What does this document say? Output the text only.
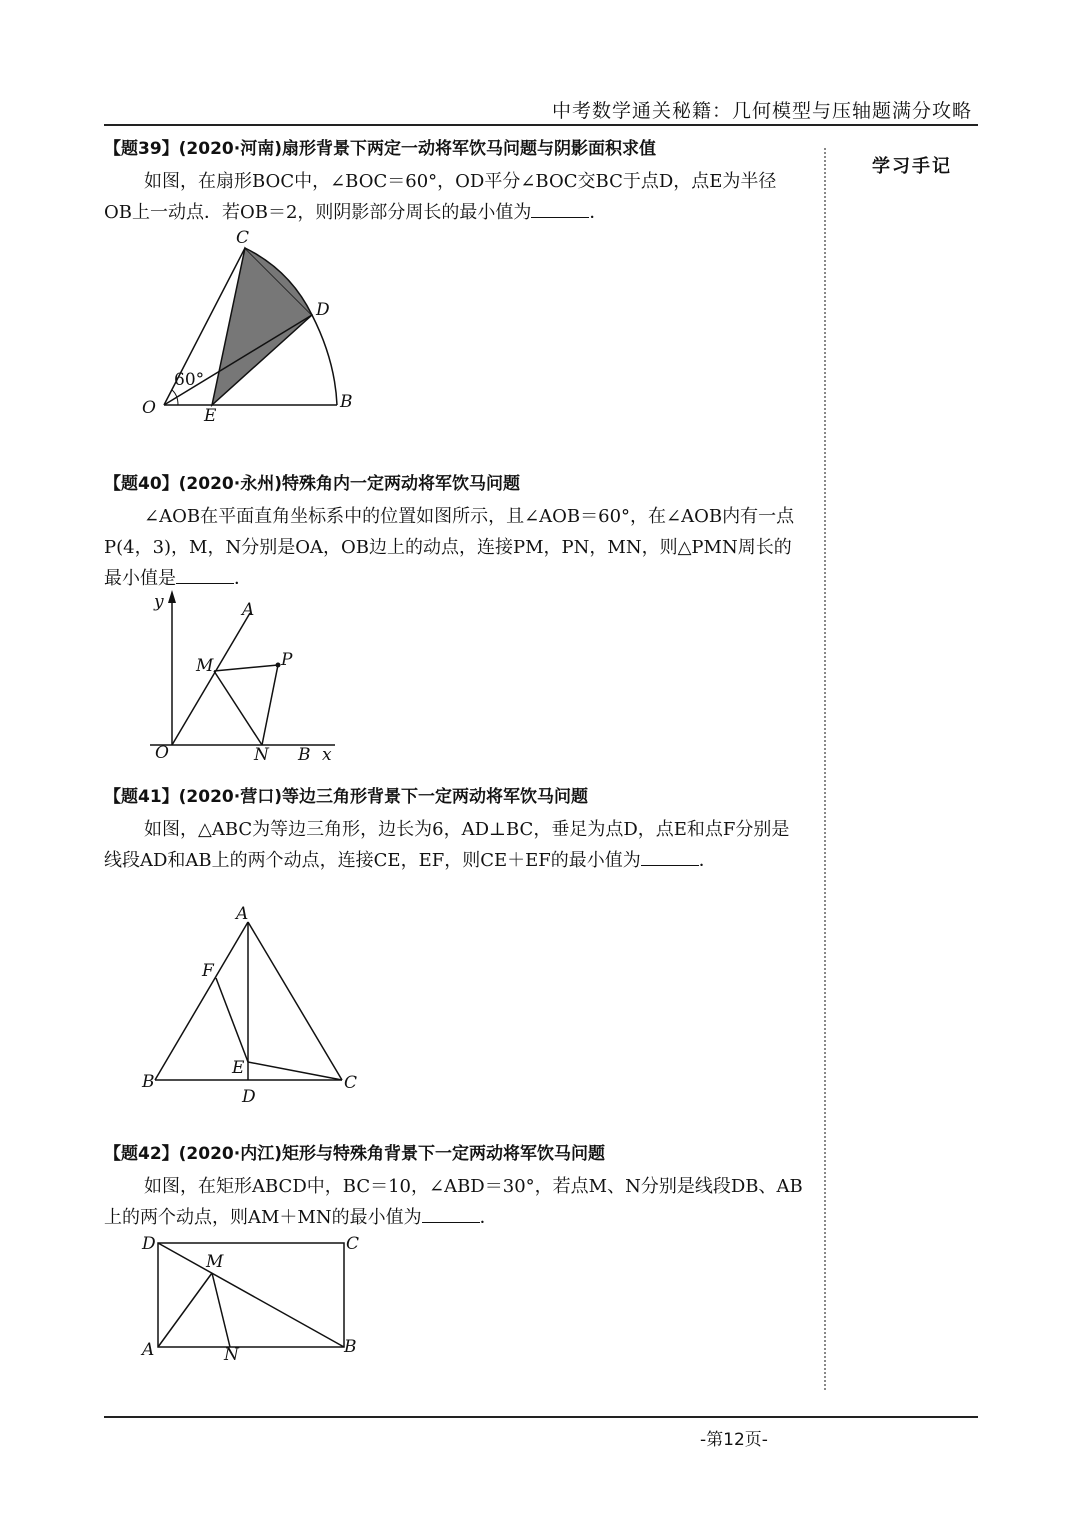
中考数学通关秘籍：几何模型与压轴题满分攻略
学习手记
【题39】(2020·河南)扇形背景下两定一动将军饮马问题与阴影面积求值
如图，在扇形BOC中，∠BOC＝60°，OD平分∠BOC交BC于点D，点E为半径OB上一动点．若OB＝2，则阴影部分周长的最小值为	．
C
D
O	E
B
60°
【题40】(2020·永州)特殊角内一定两动将军饮马问题
∠AOB在平面直角坐标系中的位置如图所示，且∠AOB＝60°，在∠AOB内有一点P(4，3)，M，N分别是OA，OB边上的动点，连接PM，PN，MN，则△PMN周长的最小值是	．
y	A
M	P
O	N B x
【题41】(2020·营口)等边三角形背景下一定两动将军饮马问题
如图，△ABC为等边三角形，边长为6，AD⊥BC，垂足为点D，点E和点F分别是线段AD和AB上的两个动点，连接CE，EF，则CE＋EF的最小值为	．
A
F
E
B	C
D
【题42】(2020·内江)矩形与特殊角背景下一定两动将军饮马问题
如图，在矩形ABCD中，BC＝10，∠ABD＝30°，若点M、N分别是线段DB、AB上的两个动点，则AM＋MN的最小值为	．
D	C
M
A	N	B
-第12页-
